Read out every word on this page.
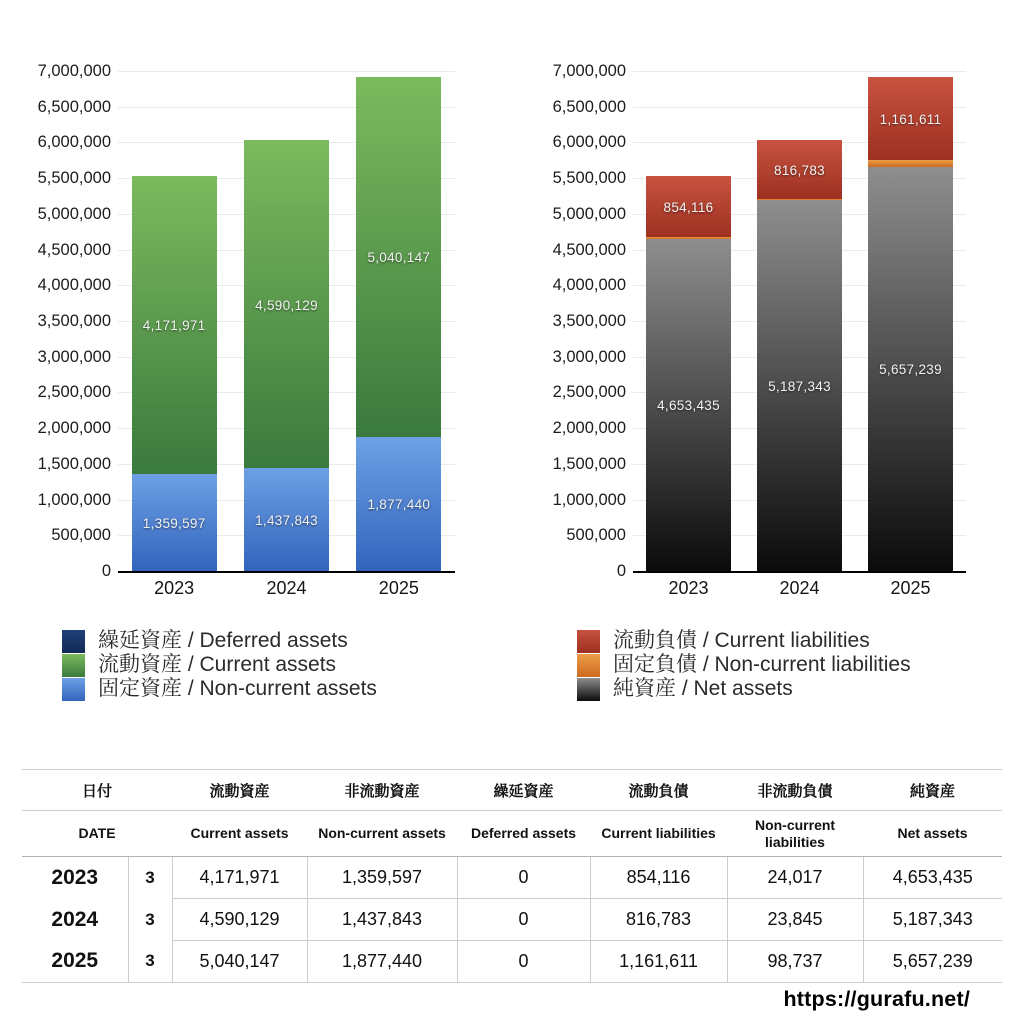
0
500,000
1,000,000
1,500,000
2,000,000
2,500,000
3,000,000
3,500,000
4,000,000
4,500,000
5,000,000
5,500,000
6,000,000
6,500,000
7,000,000
1,359,597
4,171,971
2023
1,437,843
4,590,129
2024
1,877,440
5,040,147
2025
0
500,000
1,000,000
1,500,000
2,000,000
2,500,000
3,000,000
3,500,000
4,000,000
4,500,000
5,000,000
5,500,000
6,000,000
6,500,000
7,000,000
4,653,435
854,116
2023
5,187,343
816,783
2024
5,657,239
1,161,611
2025
繰延資産 / Deferred assets
流動資産 / Current assets
固定資産 / Non-current assets
流動負債 / Current liabilities
固定負債 / Non-current liabilities
純資産 / Net assets
日付		流動資産	非流動資産	繰延資産	流動負債	非流動負債	純資産
DATE		Current assets	Non-current assets	Deferred assets	Current liabilities	Non-current liabilities	Net assets
2023	3	4,171,971	1,359,597	0	854,116	24,017	4,653,435
2024	3	4,590,129	1,437,843	0	816,783	23,845	5,187,343
2025	3	5,040,147	1,877,440	0	1,161,611	98,737	5,657,239
https://gurafu.net/
